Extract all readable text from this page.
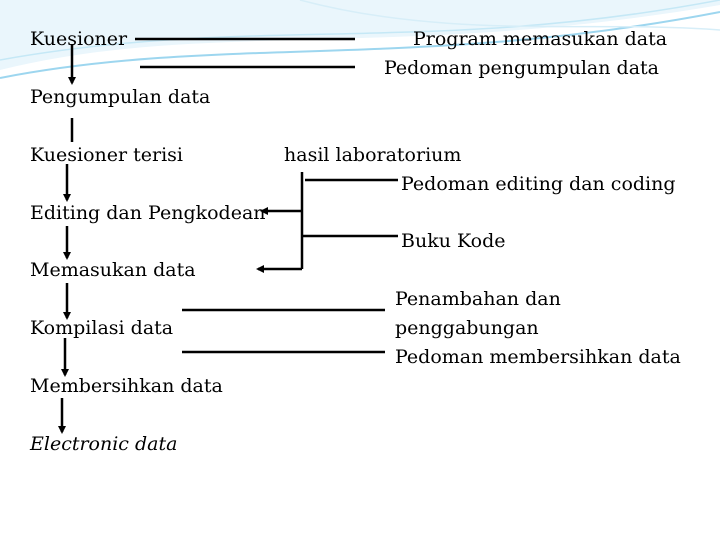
Kuesioner
Pengumpulan data
Kuesioner terisi
Editing dan Pengkodean
Memasukan data
Kompilasi data
Membersihkan data
Electronic data
Program memasukan data
Pedoman pengumpulan data
hasil laboratorium
Pedoman editing dan coding
Buku Kode
Penambahan dan
penggabungan
Pedoman membersihkan data
